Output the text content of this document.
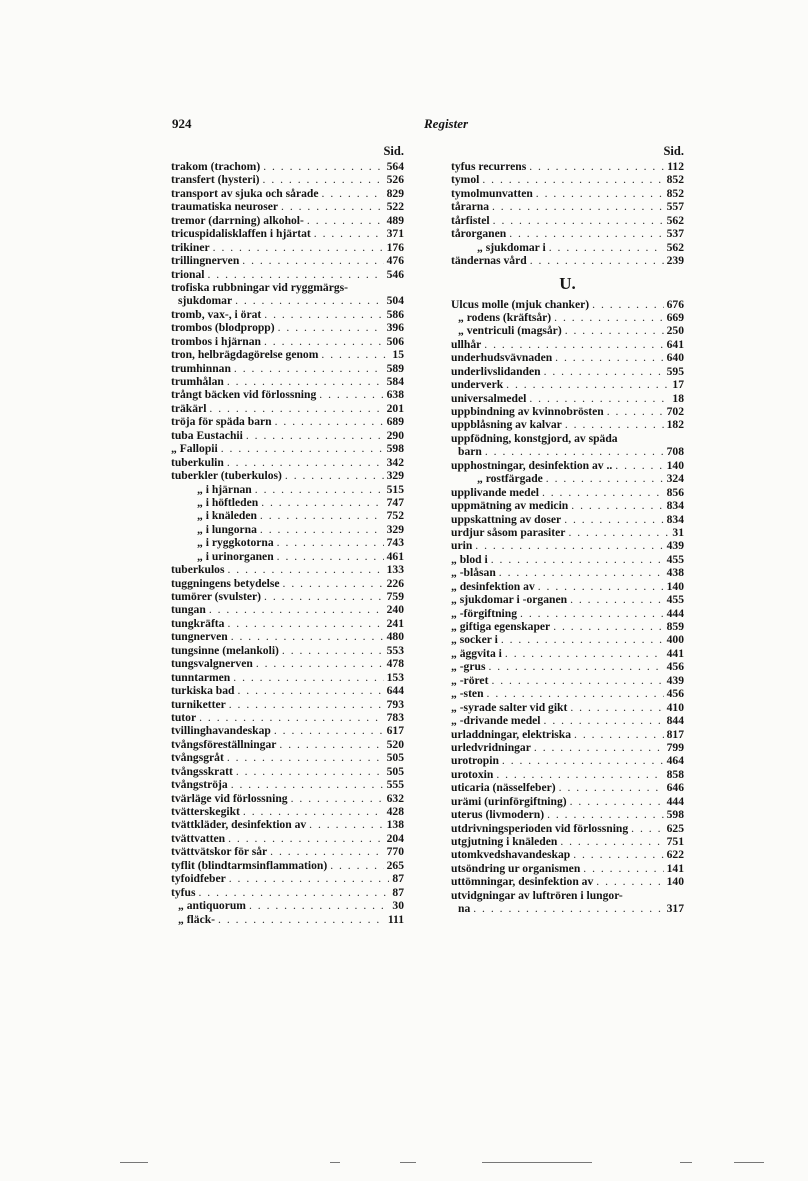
924	Register
Sid.
trakom (trachom) . . .	564
transfert (hysteri) . . .	526
transport av sjuka och sårade . . .	829
traumatiska neuroser . . .	522
tremor (darrning) alkohol- . . .	489
tricuspidalisklaffen i hjärtat . . .	371
trikiner . . .	176
trillingnerven . . .	476
trional . . .	546
trofiska rubbningar vid ryggmärgs-
sjukdomar . . .	504
tromb, vax-, i örat . . .	586
trombos (blodpropp) . . .	396
trombos i hjärnan . . .	506
tron, helbrägdagörelse genom . . .	15
trumhinnan . . .	589
trumhålan . . .	584
trångt bäcken vid förlossning . . .	638
träkärl . . .	201
tröja för späda barn . . .	689
tuba Eustachii . . .	290
„ Fallopii . . .	598
tuberkulin . . .	342
tuberkler (tuberkulos) . . .	329
„ i hjärnan . . .	515
„ i höftleden . . .	747
„ i knäleden . . .	752
„ i lungorna . . .	329
„ i ryggkotorna . . .	743
„ i urinorganen . . .	461
tuberkulos . . .	133
tuggningens betydelse . . .	226
tumörer (svulster) . . .	759
tungan . . .	240
tungkräfta . . .	241
tungnerven . . .	480
tungsinne (melankoli) . . .	553
tungsvalgnerven . . .	478
tunntarmen . . .	153
turkiska bad . . .	644
turniketter . . .	793
tutor . . .	783
tvillinghavandeskap . . .	617
tvångsföreställningar . . .	520
tvångsgråt . . .	505
tvångsskratt . . .	505
tvångströja . . .	555
tvärläge vid förlossning . . .	632
tvätterskegikt . . .	428
tvättkläder, desinfektion av . . .	138
tvättvatten . . .	204
tvättvätskor för sår . . .	770
tyflit (blindtarmsinflammation) . . .	265
tyfoidfeber . . .	87
tyfus . . .	87
„ antiquorum . . .	30
„ fläck- . . .	111
Sid.
tyfus recurrens . . .	112
tymol . . .	852
tymolmunvatten . . .	852
tårarna . . .	557
tårfistel . . .	562
tårorganen . . .	537
„ sjukdomar i . . .	562
tändernas vård . . .	239
U.
Ulcus molle (mjuk chanker) . . .	676
„ rodens (kräftsår) . . .	669
„ ventriculi (magsår) . . .	250
ullhår . . .	641
underhudsvävnaden . . .	640
underlivslidanden . . .	595
underverk . . .	17
universalmedel . . .	18
uppbindning av kvinnobrösten . . .	702
uppblåsning av kalvar . . .	182
uppfödning, konstgjord, av späda
barn . . .	708
upphostningar, desinfektion av .. . . .	140
„ rostfärgade . . .	324
upplivande medel . . .	856
uppmätning av medicin . . .	834
uppskattning av doser . . .	834
urdjur såsom parasiter . . .	31
urin . . .	439
„ blod i . . .	455
„ -blåsan . . .	438
„ desinfektion av . . .	140
„ sjukdomar i -organen . . .	455
„ -förgiftning . . .	444
„ giftiga egenskaper . . .	859
„ socker i . . .	400
„ äggvita i . . .	441
„ -grus . . .	456
„ -röret . . .	439
„ -sten . . .	456
„ -syrade salter vid gikt . . .	410
„ -drivande medel . . .	844
urladdningar, elektriska . . .	817
urledvridningar . . .	799
urotropin . . .	464
urotoxin . . .	858
uticaria (nässelfeber) . . .	646
urämi (urinförgiftning) . . .	444
uterus (livmodern) . . .	598
utdrivningsperioden vid förlossning . . .	625
utgjutning i knäleden . . .	751
utomkvedshavandeskap . . .	622
utsöndring ur organismen . . .	141
uttömningar, desinfektion av . . .	140
utvidgningar av luftrören i lungor-
na . . .	317
